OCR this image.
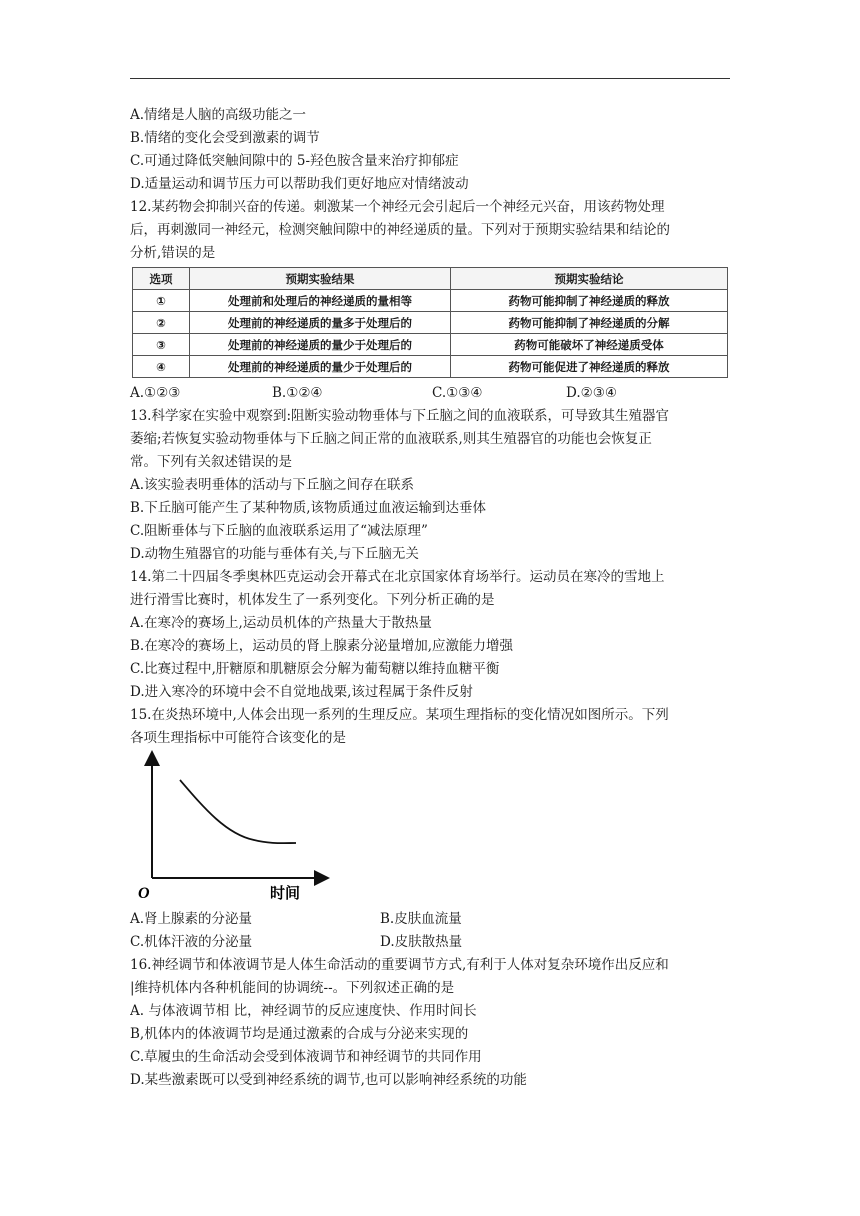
A.情绪是人脑的高级功能之一
B.情绪的变化会受到激素的调节
C.可通过降低突触间隙中的 5-羟色胺含量来治疗抑郁症
D.适量运动和调节压力可以帮助我们更好地应对情绪波动
12.某药物会抑制兴奋的传递。刺激某一个神经元会引起后一个神经元兴奋，用该药物处理
后，再刺激同一神经元，检测突触间隙中的神经递质的量。下列对于预期实验结果和结论的
分析,错误的是
选项	预期实验结果	预期实验结论
①	处理前和处理后的神经递质的量相等	药物可能抑制了神经递质的释放
②	处理前的神经递质的量多于处理后的	药物可能抑制了神经递质的分解
③	处理前的神经递质的量少于处理后的	药物可能破坏了神经递质受体
④	处理前的神经递质的量少于处理后的	药物可能促进了神经递质的释放
A.①②③	B.①②④	C.①③④	D.②③④
13.科学家在实验中观察到:阻断实验动物垂体与下丘脑之间的血液联系，可导致其生殖器官
萎缩;若恢复实验动物垂体与下丘脑之间正常的血液联系,则其生殖器官的功能也会恢复正
常。下列有关叙述错误的是
A.该实验表明垂体的活动与下丘脑之间存在联系
B.下丘脑可能产生了某种物质,该物质通过血液运输到达垂体
C.阻断垂体与下丘脑的血液联系运用了“减法原理”
D.动物生殖器官的功能与垂体有关,与下丘脑无关
14.第二十四届冬季奥林匹克运动会开幕式在北京国家体育场举行。运动员在寒冷的雪地上
进行滑雪比赛时，机体发生了一系列变化。下列分析正确的是
A.在寒冷的赛场上,运动员机体的产热量大于散热量
B.在寒冷的赛场上，运动员的肾上腺素分泌量增加,应激能力增强
C.比赛过程中,肝糖原和肌糖原会分解为葡萄糖以维持血糖平衡
D.进入寒冷的环境中会不自觉地战栗,该过程属于条件反射
15.在炎热环境中,人体会出现一系列的生理反应。某项生理指标的变化情况如图所示。下列
各项生理指标中可能符合该变化的是
O	时间
A.肾上腺素的分泌量	B.皮肤血流量
C.机体汗液的分泌量	D.皮肤散热量
16.神经调节和体液调节是人体生命活动的重要调节方式,有利于人体对复杂环境作出反应和
|维持机体内各种机能间的协调统--。下列叙述正确的是
A. 与体液调节相 比，神经调节的反应速度快、作用时间长
B,机体内的体液调节均是通过激素的合成与分泌来实现的
C.草履虫的生命活动会受到体液调节和神经调节的共同作用
D.某些激素既可以受到神经系统的调节,也可以影响神经系统的功能
